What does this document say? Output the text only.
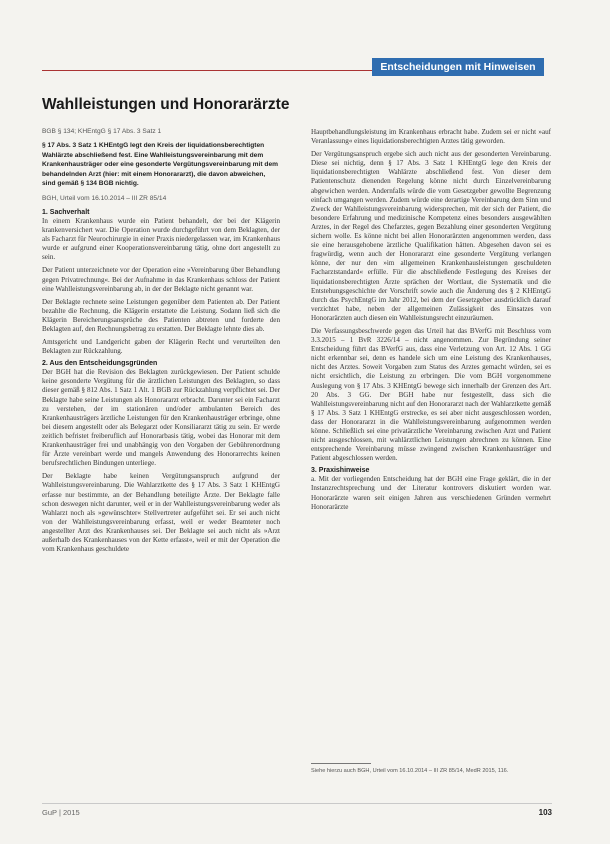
Entscheidungen mit Hinweisen
Wahlleistungen und Honorarärzte
BGB § 134; KHEntgG § 17 Abs. 3 Satz 1
§ 17 Abs. 3 Satz 1 KHEntgG legt den Kreis der liquidationsberechtigten Wahlärzte abschließend fest. Eine Wahlleistungsvereinbarung mit dem Krankenhausträger oder eine gesonderte Vergütungsvereinbarung mit dem behandelnden Arzt (hier: mit einem Honorararzt), die davon abweichen, sind gemäß § 134 BGB nichtig.
BGH, Urteil vom 16.10.2014 – III ZR 85/14
1. Sachverhalt

In einem Krankenhaus wurde ein Patient behandelt, der bei der Klägerin krankenversichert war. Die Operation wurde durchgeführt von dem Beklagten, der als Facharzt für Neurochirurgie in einer Praxis niedergelassen war, im Krankenhaus wurde er aufgrund einer Kooperationsvereinbarung tätig, ohne dort angestellt zu sein.

Der Patient unterzeichnete vor der Operation eine »Vereinbarung über Behandlung gegen Privatrechnung«. Bei der Aufnahme in das Krankenhaus schloss der Patient eine Wahlleistungsvereinbarung ab, in der der Beklagte nicht genannt war.

Der Beklagte rechnete seine Leistungen gegenüber dem Patienten ab. Der Patient bezahlte die Rechnung, die Klägerin erstattete die Leistung. Sodann ließ sich die Klägerin Bereicherungsansprüche des Patienten abtreten und forderte den Beklagten auf, den Rechnungsbetrag zu erstatten. Der Beklagte lehnte dies ab.

Amtsgericht und Landgericht gaben der Klägerin Recht und verurteilten den Beklagten zur Rückzahlung.

2. Aus den Entscheidungsgründen

Der BGH hat die Revision des Beklagten zurückgewiesen. Der Patient schulde keine gesonderte Vergütung für die ärztlichen Leistungen des Beklagten, so dass dieser gemäß § 812 Abs. 1 Satz 1 Alt. 1 BGB zur Rückzahlung verpflichtet sei. Der Beklagte habe seine Leistungen als Honorararzt erbracht. Darunter sei ein Facharzt zu verstehen, der im stationären und/oder ambulanten Bereich des Krankenhausträgers ärztliche Leistungen für den Krankenhausträger erbringe, ohne bei diesem angestellt oder als Belegarzt oder Konsiliararzt tätig zu sein. Er werde zeitlich befristet freiberuflich auf Honorarbasis tätig, wobei das Honorar mit dem Krankenhausträger frei und unabhängig von den Vorgaben der Gebührenordnung für Ärzte vereinbart werde und mangels Anwendung des Honorarrechts keinen berufsrechtlichen Bindungen unterliege.

Der Beklagte habe keinen Vergütungsanspruch aufgrund der Wahlleistungsvereinbarung. Die Wahlarztkette des § 17 Abs. 3 Satz 1 KHEntgG erfasse nur bestimmte, an der Behandlung beteiligte Ärzte. Der Beklagte falle schon deswegen nicht darunter, weil er in der Wahlleistungsvereinbarung weder als Wahlarzt noch als »gewünschter« Stellvertreter aufgeführt sei. Er sei auch nicht von der Wahlleistungsvereinbarung erfasst, weil er weder Beamteter noch angestellter Arzt des Krankenhauses sei. Der Beklagte sei auch nicht als »Arzt außerhalb des Krankenhauses von der Kette erfasst«, weil er mit der Operation die vom Krankenhaus geschuldete

Hauptbehandlungsleistung im Krankenhaus erbracht habe. Zudem sei er nicht »auf Veranlassung« eines liquidationsberechtigten Arztes tätig geworden.

Der Vergütungsanspruch ergebe sich auch nicht aus der gesonderten Vereinbarung. Diese sei nichtig, denn § 17 Abs. 3 Satz 1 KHEntgG lege den Kreis der liquidationsberechtigten Wahlärzte abschließend fest. Von dieser dem Patientenschutz dienenden Regelung könne nicht durch Einzelvereinbarung abgewichen werden. Andernfalls würde die vom Gesetzgeber gewollte Begrenzung einfach umgangen werden. Zudem würde eine derartige Vereinbarung dem Sinn und Zweck der Wahlleistungsvereinbarung widersprechen, mit der sich der Patient, die besondere Erfahrung und medizinische Kompetenz eines besonders ausgewählten Arztes, in der Regel des Chefarztes, gegen Bezahlung einer gesonderten Vergütung sichern wolle. Es könne nicht bei allen Honorarärzten angenommen werden, dass sie eine herausgehobene ärztliche Qualifikation hätten. Abgesehen davon sei es fragwürdig, wenn auch der Honorararzt eine gesonderte Vergütung verlangen könne, der nur den »im allgemeinen Krankenhausleistungen geschuldeten Facharztstandard« erfülle. Für die abschließende Festlegung des Kreises der liquidationsberechtigten Ärzte sprächen der Wortlaut, die Systematik und die Entstehungsgeschichte der Vorschrift sowie auch die Änderung des § 2 KHEntgG durch das PsychEntgG im Jahr 2012, bei dem der Gesetzgeber ausdrücklich darauf verzichtet habe, neben der allgemeinen Zulässigkeit des Einsatzes von Honorarärzten auch diesen ein Wahlleistungsrecht einzuräumen.

Die Verfassungsbeschwerde gegen das Urteil hat das BVerfG mit Beschluss vom 3.3.2015 – 1 BvR 3226/14 – nicht angenommen. Zur Begründung seiner Entscheidung führt das BVerfG aus, dass eine Verletzung von Art. 12 Abs. 1 GG nicht erkennbar sei, denn es handele sich um eine Leistung des Krankenhauses, nicht des Arztes. Soweit Vorgaben zum Status des Arztes gemacht würden, sei es nicht ersichtlich, die Leistung zu erbringen. Die vom BGH vorgenommene Auslegung von § 17 Abs. 3 KHEntgG bewege sich innerhalb der Grenzen des Art. 20 Abs. 3 GG. Der BGH habe nur festgestellt, dass sich die Wahlleistungsvereinbarung nicht auf den Honorararzt nach der Wahlarztkette gemäß § 17 Abs. 3 Satz 1 KHEntgG erstrecke, es sei aber nicht ausgeschlossen worden, dass der Honorararzt in die Wahlleistungsvereinbarung aufgenommen werden könne. Schließlich sei eine privatärztliche Vereinbarung zwischen Arzt und Patient nicht ausgeschlossen, mit wahlärztlichen Leistungen abrechnen zu können. Eine entsprechende Vereinbarung müsse zwingend zwischen Krankenhausträger und Patient abgeschlossen werden.

3. Praxishinweise

a. Mit der vorliegenden Entscheidung hat der BGH eine Frage geklärt, die in der Instanzrechtsprechung und der Literatur kontrovers diskutiert worden war. Honorarärzte waren seit einigen Jahren aus verschiedenen Gründen vermehrt Honorarärzte

Siehe hierzu auch BGH, Urteil vom 16.10.2014 – III ZR 85/14, MedR 2015, 116.
GuP | 2015	103
